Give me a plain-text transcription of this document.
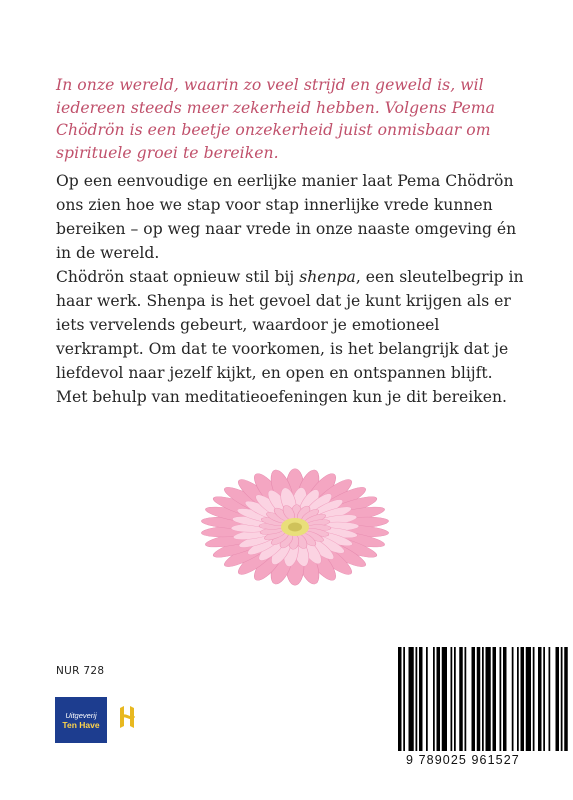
In onze wereld, waarin zo veel strijd en geweld is, wil iedereen steeds meer zekerheid hebben. Volgens Pema Chödrön is een beetje onzekerheid juist onmisbaar om spirituele groei te bereiken.

Op een eenvoudige en eerlijke manier laat Pema Chödrön ons zien hoe we stap voor stap innerlijke vrede kunnen bereiken – op weg naar vrede in onze naaste omgeving én in de wereld.

Chödrön staat opnieuw stil bij shenpa, een sleutelbegrip in haar werk. Shenpa is het gevoel dat je kunt krijgen als er iets vervelends gebeurt, waardoor je emotioneel verkrampt. Om dat te voorkomen, is het belangrijk dat je liefdevol naar jezelf kijkt, en open en ontspannen blijft. Met behulp van meditatieoefeningen kun je dit bereiken.

NUR 728
Uitgeverij
Ten Have
9 789025 961527
